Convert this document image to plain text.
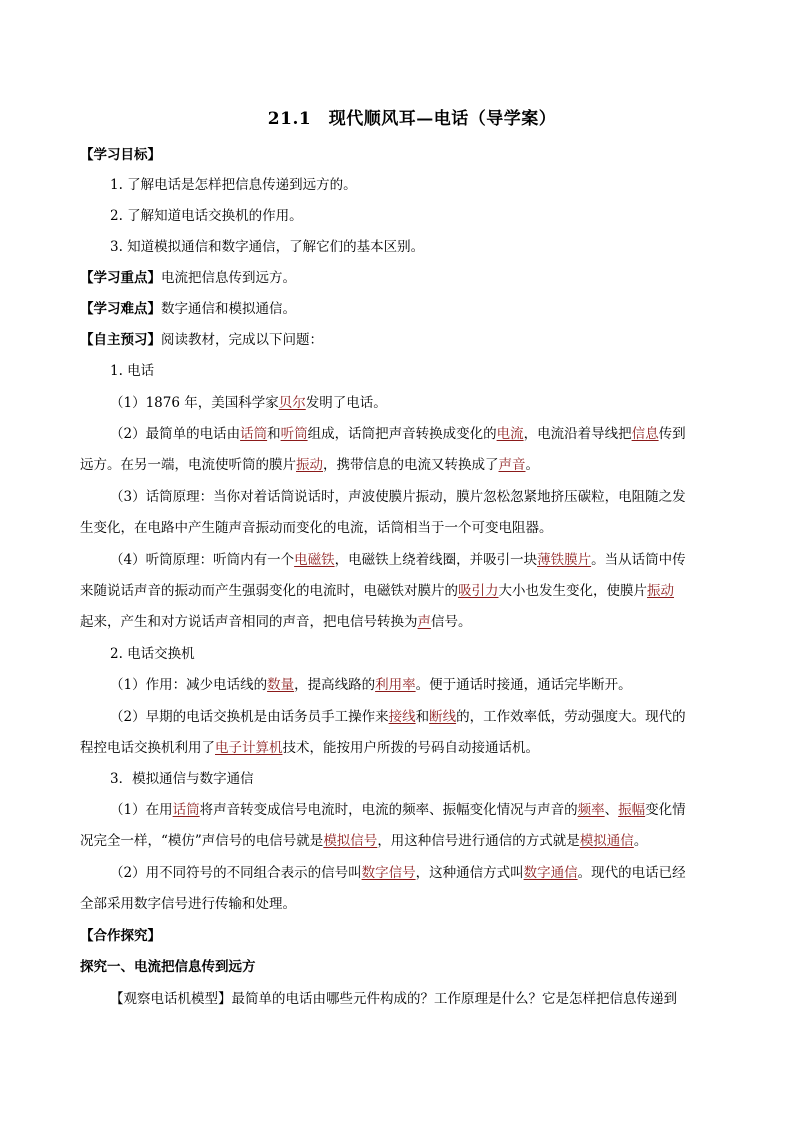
21.1　现代顺风耳—电话（导学案）
【学习目标】
1. 了解电话是怎样把信息传递到远方的。
2. 了解知道电话交换机的作用。
3. 知道模拟通信和数字通信，了解它们的基本区别。
【学习重点】电流把信息传到远方。
【学习难点】数字通信和模拟通信。
【自主预习】阅读教材，完成以下问题：
1. 电话
（1）1876 年，美国科学家贝尔发明了电话。
（2）最简单的电话由话筒和听筒组成，话筒把声音转换成变化的电流，电流沿着导线把信息传到
远方。在另一端，电流使听筒的膜片振动，携带信息的电流又转换成了声音。
（3）话筒原理：当你对着话筒说话时，声波使膜片振动，膜片忽松忽紧地挤压碳粒，电阻随之发
生变化，在电路中产生随声音振动而变化的电流，话筒相当于一个可变电阻器。
（4）听筒原理：听筒内有一个电磁铁，电磁铁上绕着线圈，并吸引一块薄铁膜片。当从话筒中传
来随说话声音的振动而产生强弱变化的电流时，电磁铁对膜片的吸引力大小也发生变化，使膜片振动
起来，产生和对方说话声音相同的声音，把电信号转换为声信号。
2. 电话交换机
（1）作用：减少电话线的数量，提高线路的利用率。便于通话时接通，通话完毕断开。
（2）早期的电话交换机是由话务员手工操作来接线和断线的，工作效率低，劳动强度大。现代的
程控电话交换机利用了电子计算机技术，能按用户所拨的号码自动接通话机。
3．模拟通信与数字通信
（1）在用话筒将声音转变成信号电流时，电流的频率、振幅变化情况与声音的频率、振幅变化情
况完全一样，“模仿”声信号的电信号就是模拟信号，用这种信号进行通信的方式就是模拟通信。
（2）用不同符号的不同组合表示的信号叫数字信号，这种通信方式叫数字通信。现代的电话已经
全部采用数字信号进行传输和处理。
【合作探究】
探究一、电流把信息传到远方
【观察电话机模型】最简单的电话由哪些元件构成的？工作原理是什么？它是怎样把信息传递到
